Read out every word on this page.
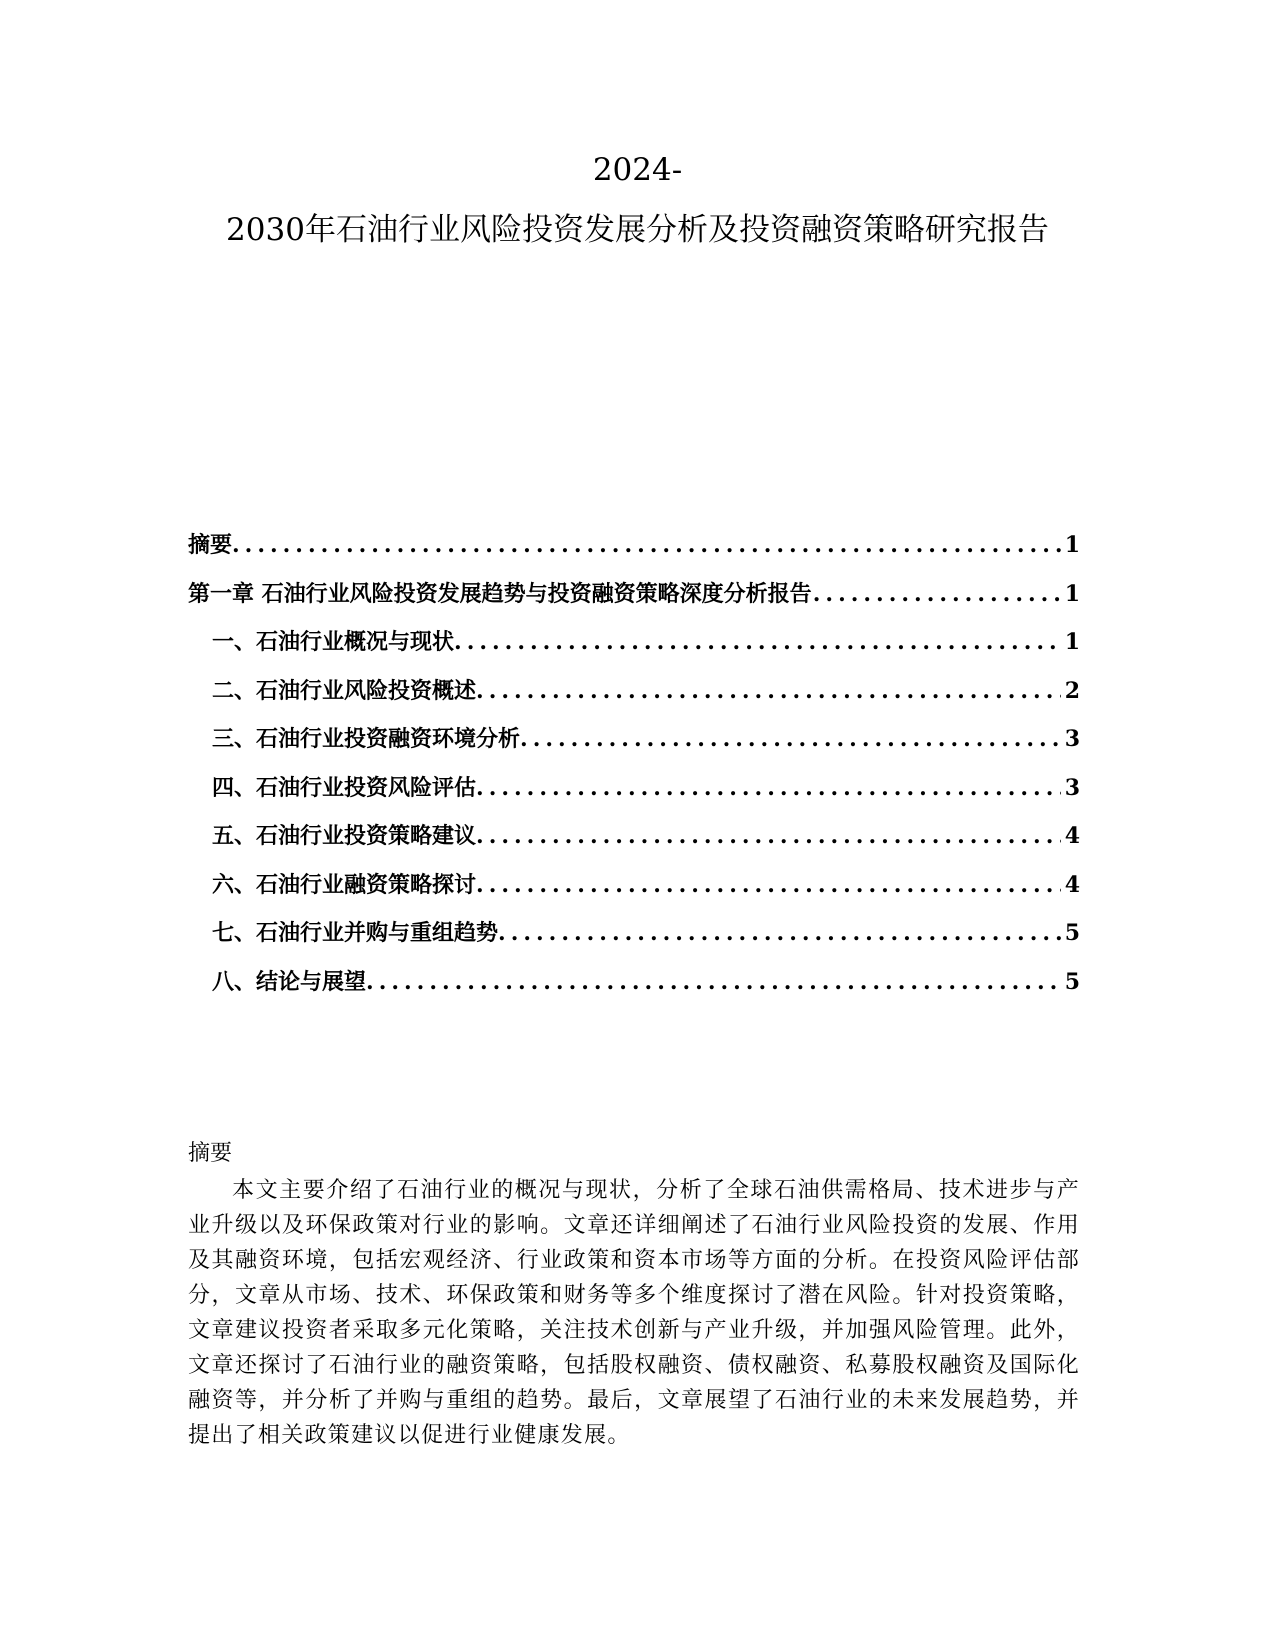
2024-
2030年石油行业风险投资发展分析及投资融资策略研究报告
摘要 .....	1
第一章 石油行业风险投资发展趋势与投资融资策略深度分析报告 .....	1
一、 石油行业概况与现状 .....	1
二、 石油行业风险投资概述 .....	2
三、 石油行业投资融资环境分析 .....	3
四、 石油行业投资风险评估 .....	3
五、 石油行业投资策略建议 .....	4
六、 石油行业融资策略探讨 .....	4
七、 石油行业并购与重组趋势 .....	5
八、 结论与展望 .....	5
摘要
本文主要介绍了石油行业的概况与现状，分析了全球石油供需格局、技术进步与产业升级以及环保政策对行业的影响。文章还详细阐述了石油行业风险投资的发展、作用及其融资环境，包括宏观经济、行业政策和资本市场等方面的分析。在投资风险评估部分，文章从市场、技术、环保政策和财务等多个维度探讨了潜在风险。针对投资策略，文章建议投资者采取多元化策略，关注技术创新与产业升级，并加强风险管理。此外，文章还探讨了石油行业的融资策略，包括股权融资、债权融资、私募股权融资及国际化融资等，并分析了并购与重组的趋势。最后，文章展望了石油行业的未来发展趋势，并提出了相关政策建议以促进行业健康发展。
